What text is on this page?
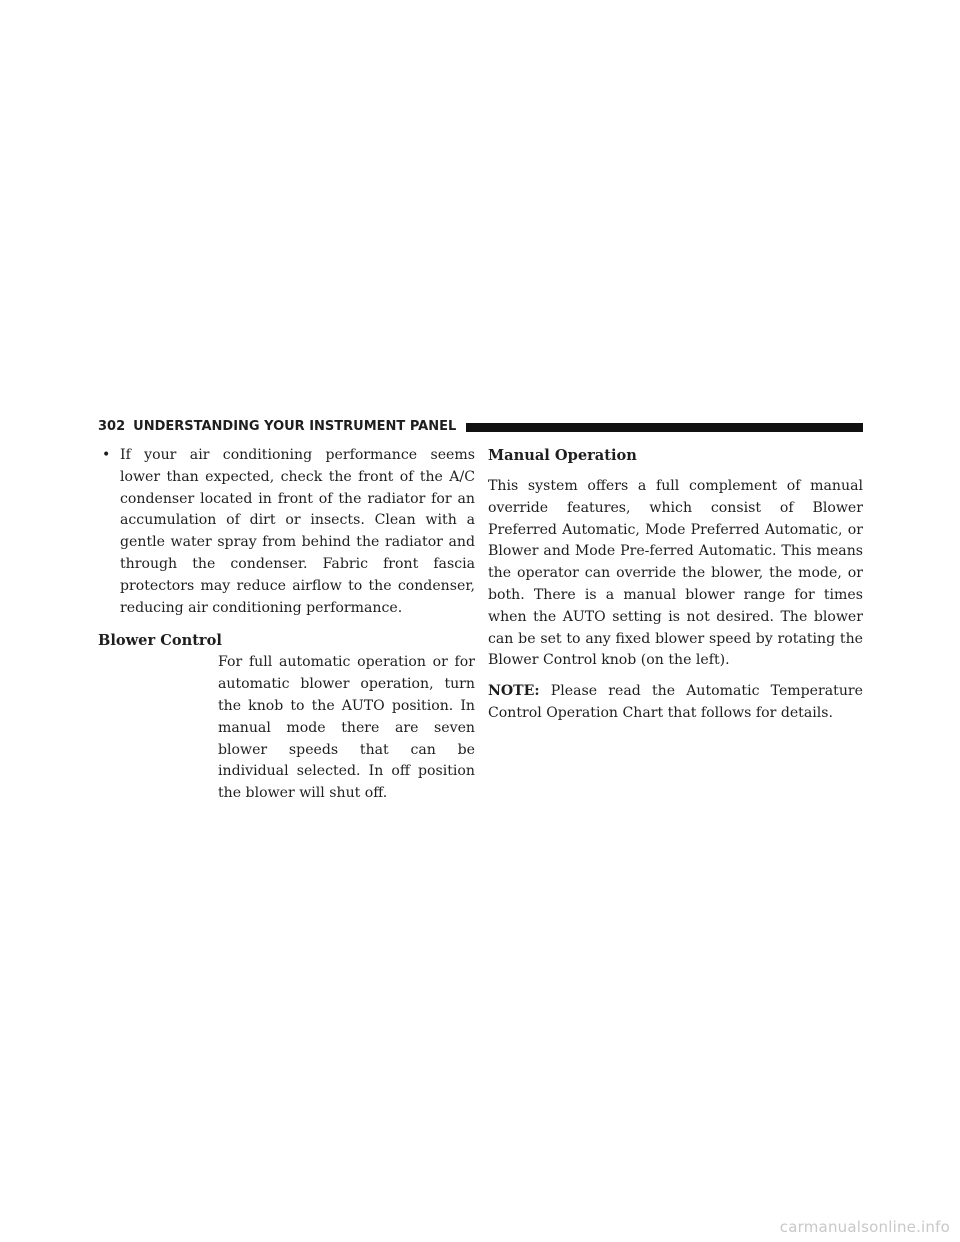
302 UNDERSTANDING YOUR INSTRUMENT PANEL

• If your air conditioning performance seems lower than expected, check the front of the A/C condenser located in front of the radiator for an accumulation of dirt or insects. Clean with a gentle water spray from behind the radiator and through the condenser. Fabric front fascia protectors may reduce airflow to the condenser, reducing air conditioning performance.

Blower Control

For full automatic operation or for automatic blower operation, turn the knob to the AUTO position. In manual mode there are seven blower speeds that can be individual selected. In off position the blower will shut off.

Manual Operation

This system offers a full complement of manual override features, which consist of Blower Preferred Automatic, Mode Preferred Automatic, or Blower and Mode Pre-ferred Automatic. This means the operator can override the blower, the mode, or both. There is a manual blower range for times when the AUTO setting is not desired. The blower can be set to any fixed blower speed by rotating the Blower Control knob (on the left).

NOTE: Please read the Automatic Temperature Control Operation Chart that follows for details.

carmanualsonline.info
